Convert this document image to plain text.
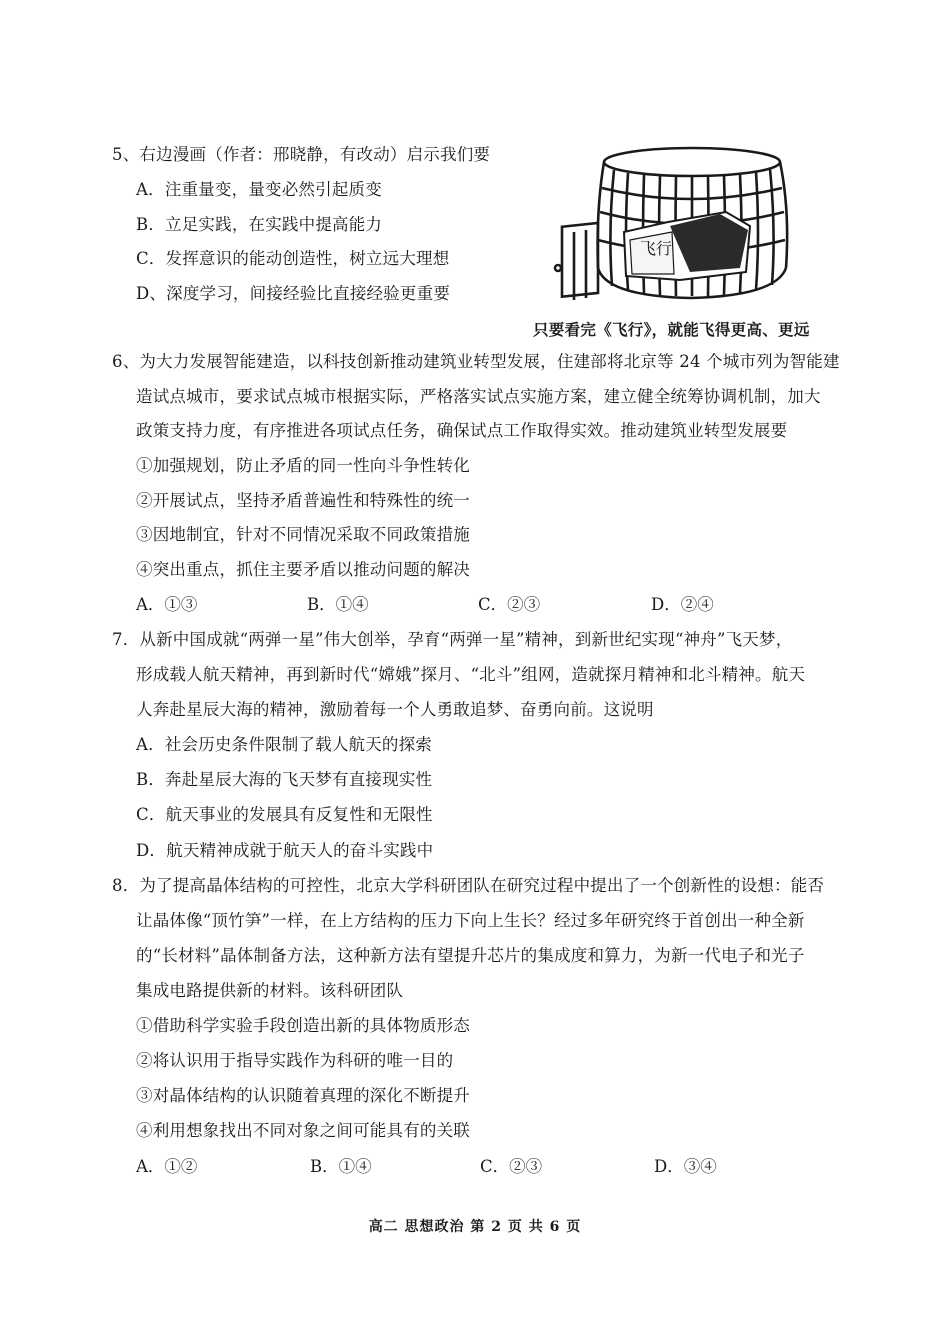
5、右边漫画（作者：邢晓静，有改动）启示我们要
A．注重量变，量变必然引起质变
B．立足实践，在实践中提高能力
C．发挥意识的能动创造性，树立远大理想
D、深度学习，间接经验比直接经验更重要
飞行
只要看完《飞行》，就能飞得更高、更远
6、为大力发展智能建造，以科技创新推动建筑业转型发展，住建部将北京等 24 个城市列为智能建
造试点城市，要求试点城市根据实际，严格落实试点实施方案，建立健全统筹协调机制，加大
政策支持力度，有序推进各项试点任务，确保试点工作取得实效。推动建筑业转型发展要
①加强规划，防止矛盾的同一性向斗争性转化
②开展试点，坚持矛盾普遍性和特殊性的统一
③因地制宜，针对不同情况采取不同政策措施
④突出重点，抓住主要矛盾以推动问题的解决
A．①③	B．①④	C．②③	D．②④
7．从新中国成就“两弹一星”伟大创举，孕育“两弹一星”精神，到新世纪实现“神舟”飞天梦，
形成载人航天精神，再到新时代“嫦娥”探月、“北斗”组网，造就探月精神和北斗精神。航天
人奔赴星辰大海的精神，激励着每一个人勇敢追梦、奋勇向前。这说明
A．社会历史条件限制了载人航天的探索
B．奔赴星辰大海的飞天梦有直接现实性
C．航天事业的发展具有反复性和无限性
D．航天精神成就于航天人的奋斗实践中
8．为了提高晶体结构的可控性，北京大学科研团队在研究过程中提出了一个创新性的设想：能否
让晶体像“顶竹笋”一样，在上方结构的压力下向上生长？经过多年研究终于首创出一种全新
的“长材料”晶体制备方法，这种新方法有望提升芯片的集成度和算力，为新一代电子和光子
集成电路提供新的材料。该科研团队
①借助科学实验手段创造出新的具体物质形态
②将认识用于指导实践作为科研的唯一目的
③对晶体结构的认识随着真理的深化不断提升
④利用想象找出不同对象之间可能具有的关联
A．①②	B．①④	C．②③	D．③④
高二 思想政治 第 2 页 共 6 页
